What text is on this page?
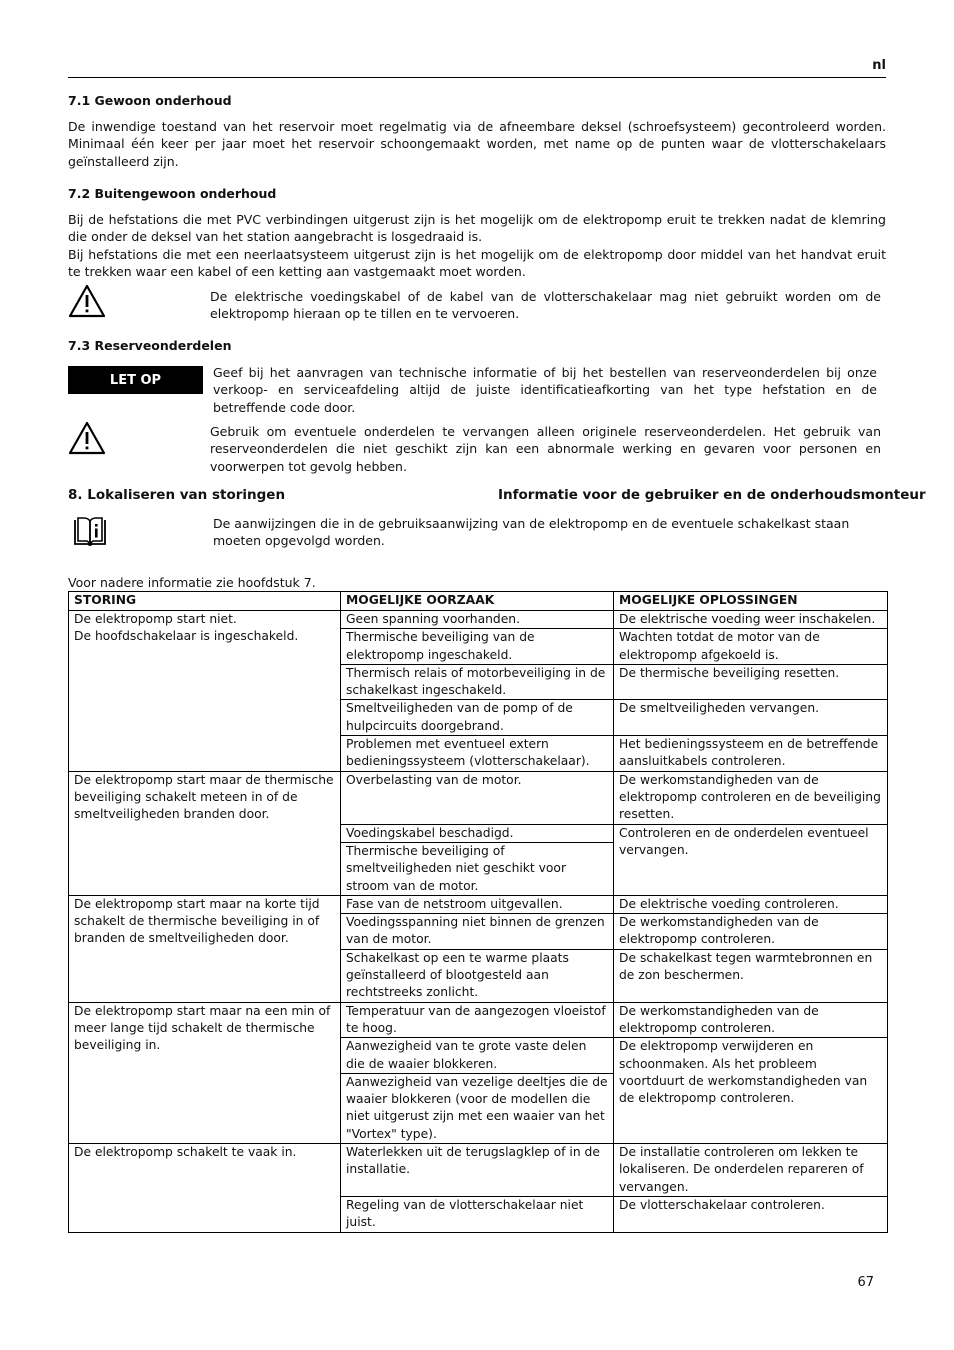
nl
7.1 Gewoon onderhoud

De inwendige toestand van het reservoir moet regelmatig via de afneembare deksel (schroefsysteem) gecontroleerd worden. Minimaal één keer per jaar moet het reservoir schoongemaakt worden, met name op de punten waar de vlotterschakelaars geïnstalleerd zijn.

7.2 Buitengewoon onderhoud

Bij de hefstations die met PVC verbindingen uitgerust zijn is het mogelijk om de elektropomp eruit te trekken nadat de klemring die onder de deksel van het station aangebracht is losgedraaid is.

Bij hefstations die met een neerlaatsysteem uitgerust zijn is het mogelijk om de elektropomp door middel van het handvat eruit te trekken waar een kabel of een ketting aan vastgemaakt moet worden.

De elektrische voedingskabel of de kabel van de vlotterschakelaar mag niet gebruikt worden om de elektropomp hieraan op te tillen en te vervoeren.

7.3 Reserveonderdelen
LET OP	Geef bij het aanvragen van technische informatie of bij het bestellen van reserveonderdelen bij onze verkoop- en serviceafdeling altijd de juiste identificatieafkorting van het type hefstation en de betreffende code door.

Gebruik om eventuele onderdelen te vervangen alleen originele reserveonderdelen. Het gebruik van reserveonderdelen die niet geschikt zijn kan een abnormale werking en gevaren voor personen en voorwerpen tot gevolg hebben.

8. Lokaliseren van storingen	Informatie voor de gebruiker en de onderhoudsmonteur

De aanwijzingen die in de gebruiksaanwijzing van de elektropomp en de eventuele schakelkast staan moeten opgevolgd worden.

Voor nadere informatie zie hoofdstuk 7.
STORING	MOGELIJKE OORZAAK	MOGELIJKE OPLOSSINGEN
De elektropomp start niet.
De hoofdschakelaar is ingeschakeld.	Geen spanning voorhanden.	De elektrische voeding weer inschakelen.
	Thermische beveiliging van de elektropomp ingeschakeld.	Wachten totdat de motor van de elektropomp afgekoeld is.
	Thermisch relais of motorbeveiliging in de schakelkast ingeschakeld.	De thermische beveiliging resetten.
	Smeltveiligheden van de pomp of de hulpcircuits doorgebrand.	De smeltveiligheden vervangen.
	Problemen met eventueel extern bedieningssysteem (vlotterschakelaar).	Het bedieningssysteem en de betreffende aansluitkabels controleren.
De elektropomp start maar de thermische beveiliging schakelt meteen in of de smeltveiligheden branden door.	Overbelasting van de motor.	De werkomstandigheden van de elektropomp controleren en de beveiliging resetten.
	Voedingskabel beschadigd.	Controleren en de onderdelen eventueel vervangen.
	Thermische beveiliging of smeltveiligheden niet geschikt voor stroom van de motor.	
De elektropomp start maar na korte tijd schakelt de thermische beveiliging in of branden de smeltveiligheden door.	Fase van de netstroom uitgevallen.	De elektrische voeding controleren.
	Voedingsspanning niet binnen de grenzen van de motor.	De werkomstandigheden van de elektropomp controleren.
	Schakelkast op een te warme plaats geïnstalleerd of blootgesteld aan rechtstreeks zonlicht.	De schakelkast tegen warmtebronnen en de zon beschermen.
De elektropomp start maar na een min of meer lange tijd schakelt de thermische beveiliging in.	Temperatuur van de aangezogen vloeistof te hoog.	De werkomstandigheden van de elektropomp controleren.
	Aanwezigheid van te grote vaste delen die de waaier blokkeren.	De elektropomp verwijderen en schoonmaken. Als het probleem voortduurt de werkomstandigheden van de elektropomp controleren.
	Aanwezigheid van vezelige deeltjes die de waaier blokkeren (voor de modellen die niet uitgerust zijn met een waaier van het "Vortex" type).	
De elektropomp schakelt te vaak in.	Waterlekken uit de terugslagklep of in de installatie.	De installatie controleren om lekken te lokaliseren. De onderdelen repareren of vervangen.
	Regeling van de vlotterschakelaar niet juist.	De vlotterschakelaar controleren.
67
